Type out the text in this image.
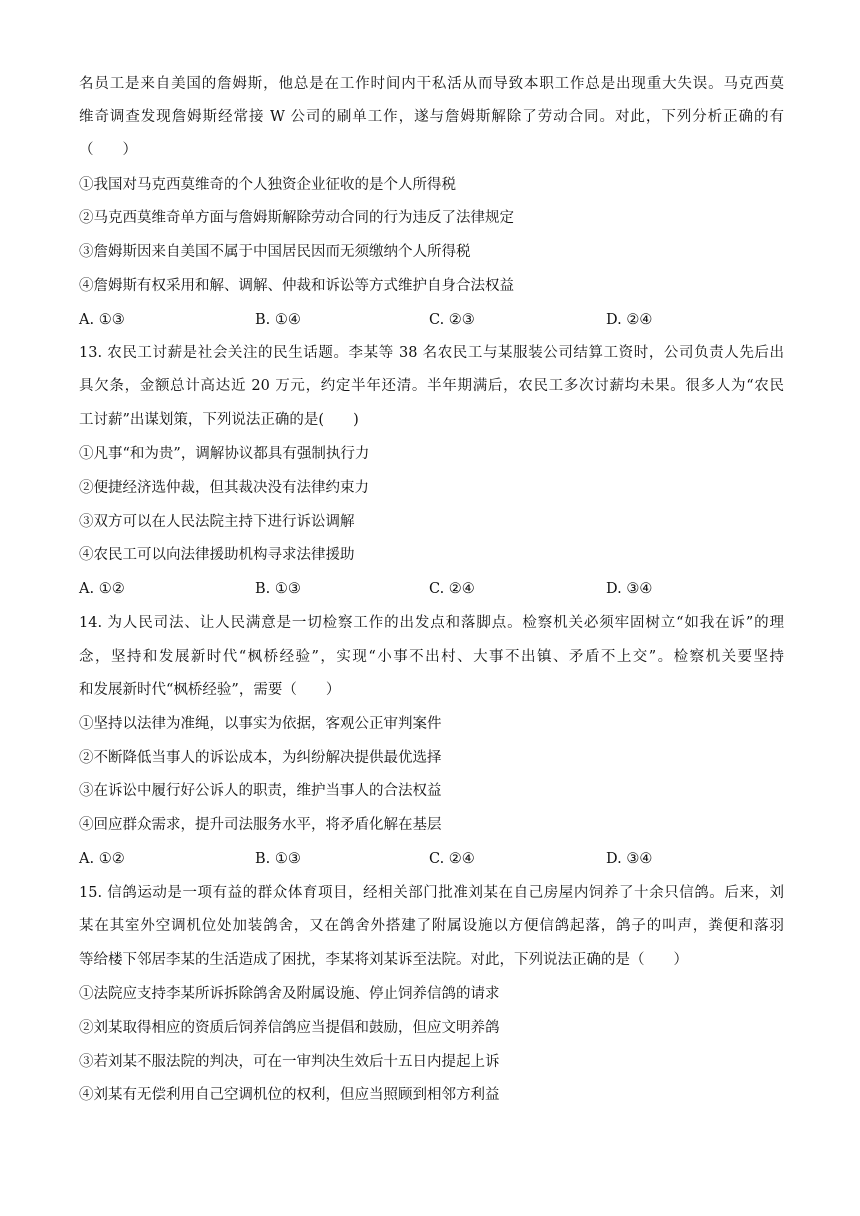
名员工是来自美国的詹姆斯，他总是在工作时间内干私活从而导致本职工作总是出现重大失误。马克西莫
维奇调查发现詹姆斯经常接 W 公司的刷单工作，遂与詹姆斯解除了劳动合同。对此，下列分析正确的有
（　　）
①我国对马克西莫维奇的个人独资企业征收的是个人所得税
②马克西莫维奇单方面与詹姆斯解除劳动合同的行为违反了法律规定
③詹姆斯因来自美国不属于中国居民因而无须缴纳个人所得税
④詹姆斯有权采用和解、调解、仲裁和诉讼等方式维护自身合法权益
A. ①③	B. ①④	C. ②③	D. ②④
13. 农民工讨薪是社会关注的民生话题。李某等 38 名农民工与某服装公司结算工资时，公司负责人先后出
具欠条，金额总计高达近 20 万元，约定半年还清。半年期满后，农民工多次讨薪均未果。很多人为“农民
工讨薪”出谋划策，下列说法正确的是(　　)
①凡事“和为贵”，调解协议都具有强制执行力
②便捷经济选仲裁，但其裁决没有法律约束力
③双方可以在人民法院主持下进行诉讼调解
④农民工可以向法律援助机构寻求法律援助
A. ①②	B. ①③	C. ②④	D. ③④
14. 为人民司法、让人民满意是一切检察工作的出发点和落脚点。检察机关必须牢固树立“如我在诉”的理
念，坚持和发展新时代“枫桥经验”，实现“小事不出村、大事不出镇、矛盾不上交”。检察机关要坚持
和发展新时代“枫桥经验”，需要（　　）
①坚持以法律为准绳，以事实为依据，客观公正审判案件
②不断降低当事人的诉讼成本，为纠纷解决提供最优选择
③在诉讼中履行好公诉人的职责，维护当事人的合法权益
④回应群众需求，提升司法服务水平，将矛盾化解在基层
A. ①②	B. ①③	C. ②④	D. ③④
15. 信鸽运动是一项有益的群众体育项目，经相关部门批准刘某在自己房屋内饲养了十余只信鸽。后来，刘
某在其室外空调机位处加装鸽舍，又在鸽舍外搭建了附属设施以方便信鸽起落，鸽子的叫声，粪便和落羽
等给楼下邻居李某的生活造成了困扰，李某将刘某诉至法院。对此，下列说法正确的是（　　）
①法院应支持李某所诉拆除鸽舍及附属设施、停止饲养信鸽的请求
②刘某取得相应的资质后饲养信鸽应当提倡和鼓励，但应文明养鸽
③若刘某不服法院的判决，可在一审判决生效后十五日内提起上诉
④刘某有无偿利用自己空调机位的权利，但应当照顾到相邻方利益
